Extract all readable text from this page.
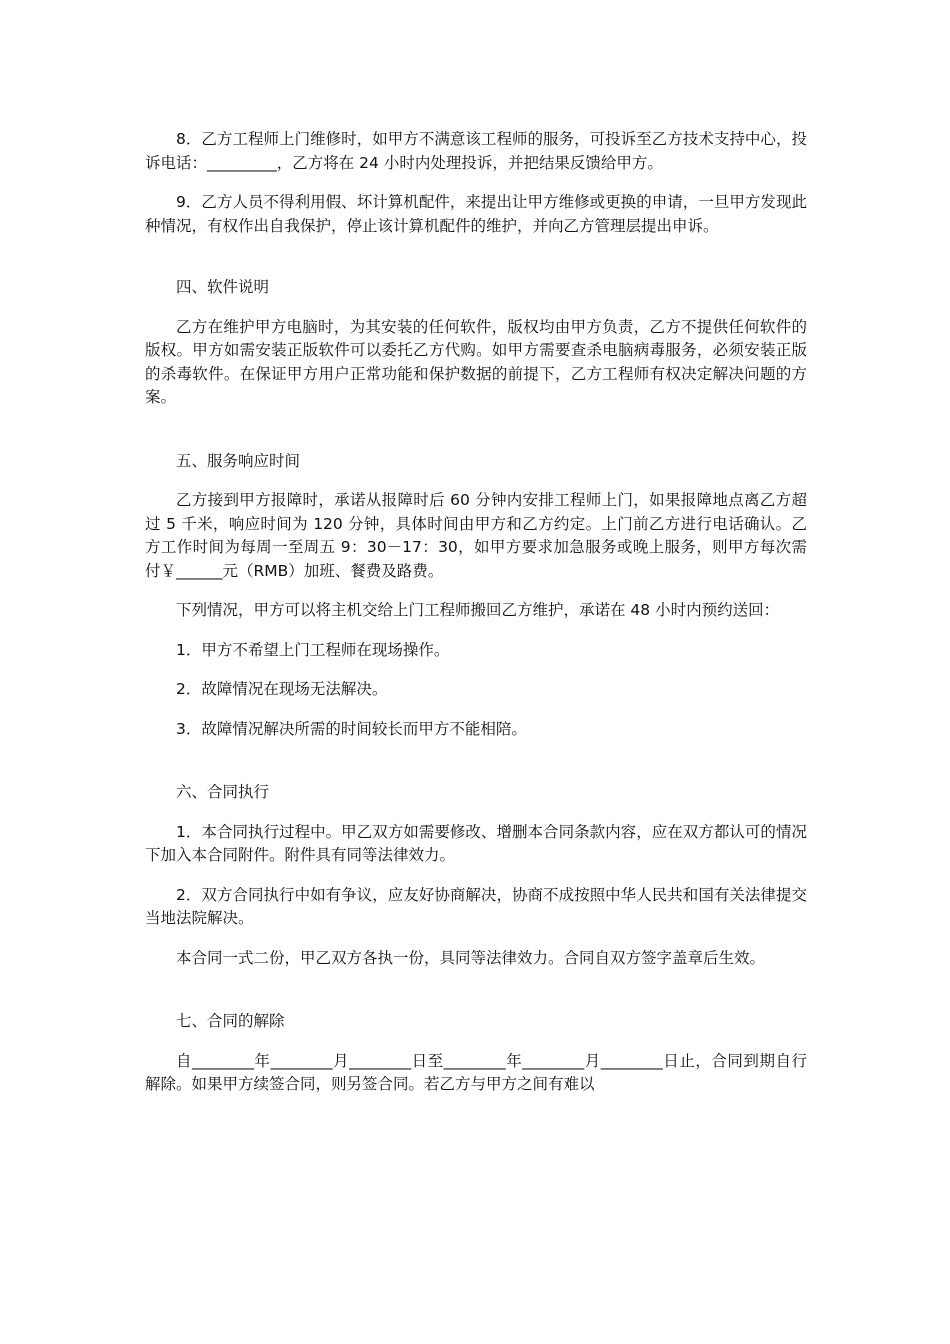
8．乙方工程师上门维修时，如甲方不满意该工程师的服务，可投诉至乙方技术支持中心，投诉电话：_________，乙方将在 24 小时内处理投诉，并把结果反馈给甲方。

9．乙方人员不得利用假、坏计算机配件，来提出让甲方维修或更换的申请，一旦甲方发现此种情况，有权作出自我保护，停止该计算机配件的维护，并向乙方管理层提出申诉。

四、软件说明

乙方在维护甲方电脑时，为其安装的任何软件，版权均由甲方负责，乙方不提供任何软件的版权。甲方如需安装正版软件可以委托乙方代购。如甲方需要查杀电脑病毒服务，必须安装正版的杀毒软件。在保证甲方用户正常功能和保护数据的前提下，乙方工程师有权决定解决问题的方案。

五、服务响应时间

乙方接到甲方报障时，承诺从报障时后 60 分钟内安排工程师上门，如果报障地点离乙方超过 5 千米，响应时间为 120 分钟，具体时间由甲方和乙方约定。上门前乙方进行电话确认。乙方工作时间为每周一至周五 9：30－17：30，如甲方要求加急服务或晚上服务，则甲方每次需付￥______元（RMB）加班、餐费及路费。

下列情况，甲方可以将主机交给上门工程师搬回乙方维护，承诺在 48 小时内预约送回：

1．甲方不希望上门工程师在现场操作。

2．故障情况在现场无法解决。

3．故障情况解决所需的时间较长而甲方不能相陪。

六、合同执行

1．本合同执行过程中。甲乙双方如需要修改、增删本合同条款内容，应在双方都认可的情况下加入本合同附件。附件具有同等法律效力。

2．双方合同执行中如有争议，应友好协商解决，协商不成按照中华人民共和国有关法律提交当地法院解决。

本合同一式二份，甲乙双方各执一份，具同等法律效力。合同自双方签字盖章后生效。

七、合同的解除

自________年________月________日至________年________月________日止，合同到期自行解除。如果甲方续签合同，则另签合同。若乙方与甲方之间有难以
